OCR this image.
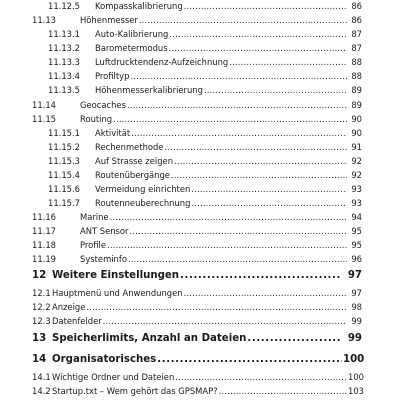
11.12.5	Kompasskalibrierung .....	86
11.13	Höhenmesser .....	86
11.13.1	Auto-Kalibrierung .....	87
11.13.2	Barometermodus .....	87
11.13.3	Luftdrucktendenz-Aufzeichnung .....	88
11.13.4	Profiltyp .....	88
11.13.5	Höhenmesserkalibrierung .....	89
11.14	Geocaches .....	89
11.15	Routing .....	90
11.15.1	Aktivität .....	90
11.15.2	Rechenmethode .....	91
11.15.3	Auf Strasse zeigen .....	92
11.15.4	Routenübergänge .....	92
11.15.6	Vermeidung einrichten .....	93
11.15.7	Routenneuberechnung .....	93
11.16	Marine .....	94
11.17	ANT Sensor .....	95
11.18	Profile .....	95
11.19	Systeminfo .....	96
12 Weitere Einstellungen .....	97
12.1 Hauptmenü und Anwendungen .....	97
12.2 Anzeige .....	98
12.3 Datenfelder .....	99
13 Speicherlimits, Anzahl an Dateien .....	99
14 Organisatorisches .....	100
14.1 Wichtige Ordner und Dateien .....	100
14.2 Startup.txt – Wem gehört das GPSMAP? .....	103
